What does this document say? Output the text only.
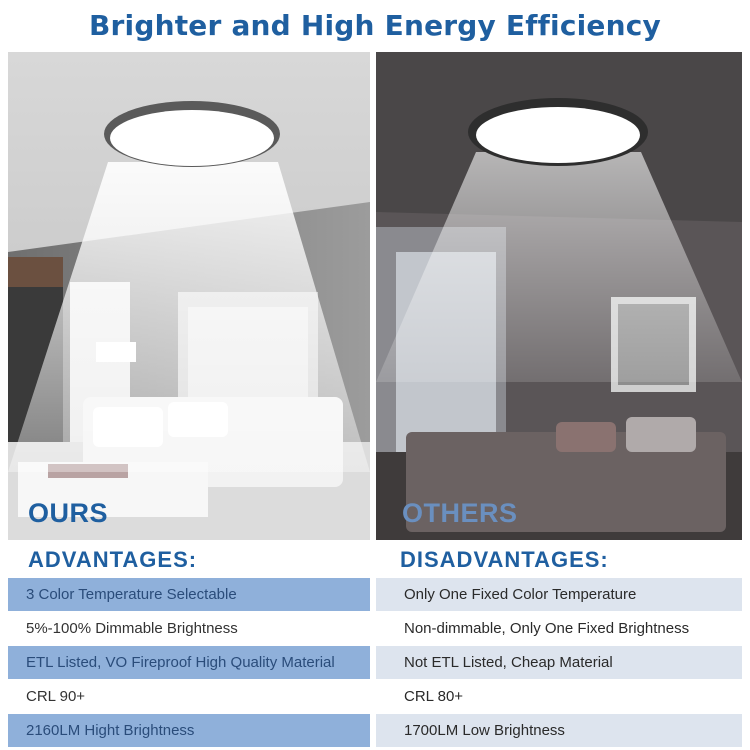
Brighter and High Energy Efficiency
OURS	OTHERS
ADVANTAGES:
3 Color Temperature Selectable
5%-100% Dimmable Brightness
ETL Listed, VO Fireproof High Quality Material
CRL 90+
2160LM Hight Brightness
DISADVANTAGES:
Only One Fixed Color Temperature
Non-dimmable, Only One Fixed Brightness
Not ETL Listed, Cheap Material
CRL 80+
1700LM Low Brightness
